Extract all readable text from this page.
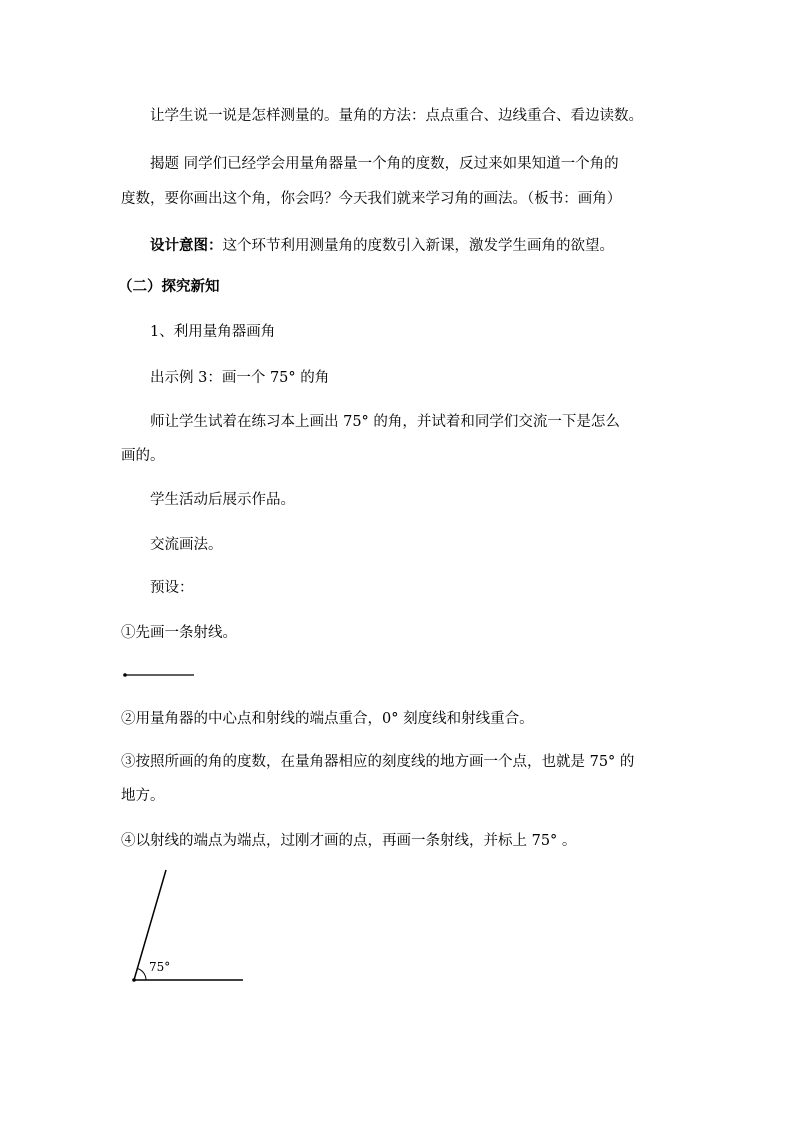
让学生说一说是怎样测量的。量角的方法：点点重合、边线重合、看边读数。
揭题 同学们已经学会用量角器量一个角的度数，反过来如果知道一个角的
度数，要你画出这个角，你会吗？今天我们就来学习角的画法。（板书：画角）
设计意图：这个环节利用测量角的度数引入新课，激发学生画角的欲望。
（二）探究新知
1、利用量角器画角
出示例 3：画一个 75° 的角
师让学生试着在练习本上画出 75° 的角，并试着和同学们交流一下是怎么
画的。
学生活动后展示作品。
交流画法。
预设：
①先画一条射线。
75°
②用量角器的中心点和射线的端点重合，0° 刻度线和射线重合。
③按照所画的角的度数，在量角器相应的刻度线的地方画一个点，也就是 75° 的
地方。
④以射线的端点为端点，过刚才画的点，再画一条射线，并标上 75° 。
